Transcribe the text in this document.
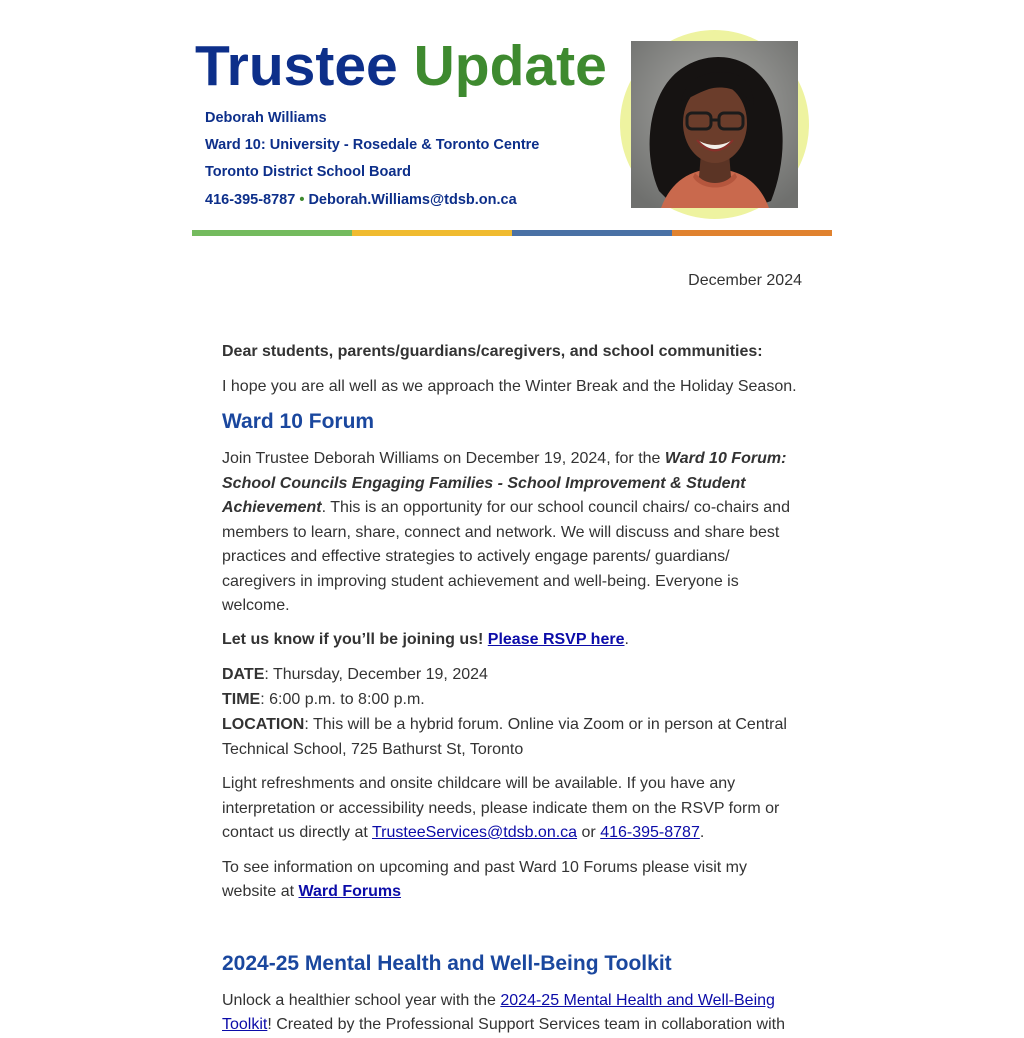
Trustee Update
Deborah Williams
Ward 10: University - Rosedale & Toronto Centre
Toronto District School Board
416-395-8787 • Deborah.Williams@tdsb.on.ca
December 2024

Dear students, parents/guardians/caregivers, and school communities:

I hope you are all well as we approach the Winter Break and the Holiday Season.

Ward 10 Forum

Join Trustee Deborah Williams on December 19, 2024, for the Ward 10 Forum: School Councils Engaging Families - School Improvement & Student Achievement. This is an opportunity for our school council chairs/ co-chairs and members to learn, share, connect and network. We will discuss and share best practices and effective strategies to actively engage parents/ guardians/ caregivers in improving student achievement and well-being. Everyone is welcome.

Let us know if you’ll be joining us! Please RSVP here.

DATE: Thursday, December 19, 2024
TIME: 6:00 p.m. to 8:00 p.m.
LOCATION: This will be a hybrid forum. Online via Zoom or in person at Central Technical School, 725 Bathurst St, Toronto

Light refreshments and onsite childcare will be available. If you have any interpretation or accessibility needs, please indicate them on the RSVP form or contact us directly at TrusteeServices@tdsb.on.ca or 416-395-8787.

To see information on upcoming and past Ward 10 Forums please visit my website at Ward Forums

2024-25 Mental Health and Well-Being Toolkit

Unlock a healthier school year with the 2024-25 Mental Health and Well-Being Toolkit! Created by the Professional Support Services team in collaboration with
